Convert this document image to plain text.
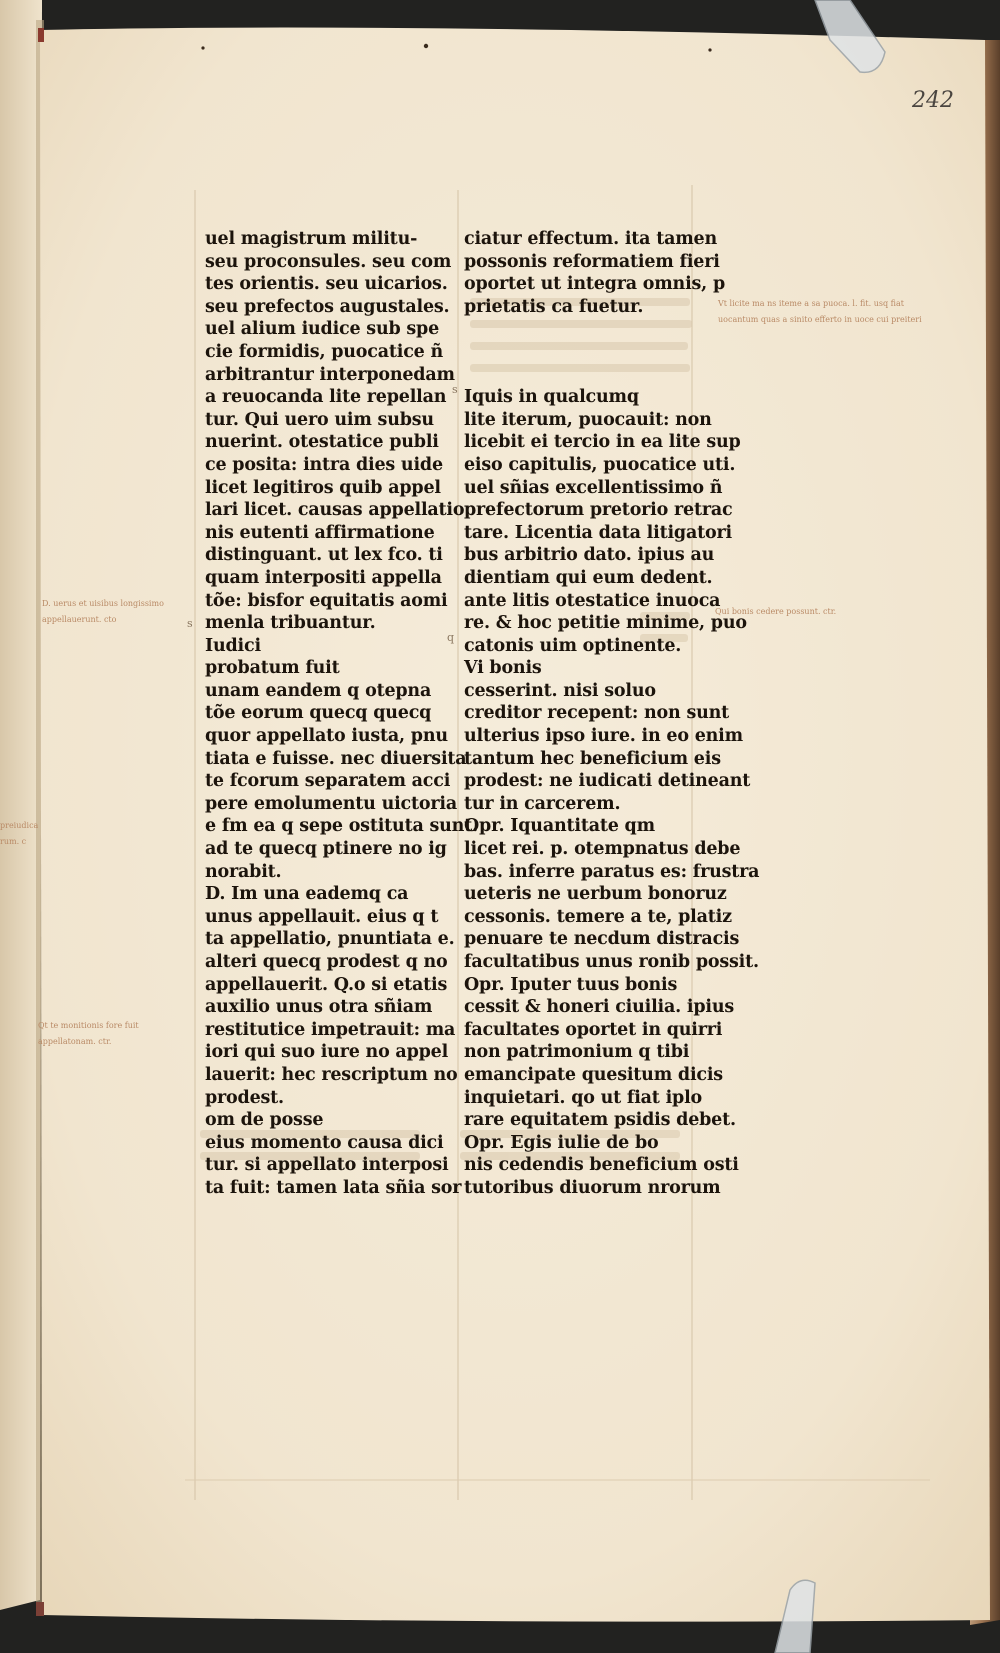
s
s
q
242
uel magistrum militu-
seu proconsules. seu com
tes orientis. seu uicarios.
seu prefectos augustales.
uel alium iudice sub spe
cie formidis, puocatice ñ
arbitrantur interponedam
a reuocanda lite repellan
tur. Qui uero uim subsu
nuerint. otestatice publi
ce posita: intra dies uide
licet legitiros quib appel
lari licet. causas appellatio
nis eutenti affirmatione
distinguant. ut lex fco. ti
quam interpositi appella
tõe: bisfor equitatis aomi
menla tribuantur.
Iudici
probatum fuit
unam eandem q otepna
tõe eorum quecq quecq
quor appellato iusta, pnu
tiata e fuisse. nec diuersita
te fcorum separatem acci
pere emolumentu uictoria
e fm ea q sepe ostituta sunt.
ad te quecq ptinere no ig
norabit.
D. Im una eademq ca
unus appellauit. eius q t
ta appellatio, pnuntiata e.
alteri quecq prodest q no
appellauerit. Q.o si etatis
auxilio unus otra sñiam
restitutice impetrauit: ma
iori qui suo iure no appel
lauerit: hec rescriptum no
prodest.
om de posse
eius momento causa dici
tur. si appellato interposi
ta fuit: tamen lata sñia sor
ciatur effectum. ita tamen
possonis reformatiem fieri
oportet ut integra omnis, p
prietatis ca fuetur.
Iquis in qualcumq
lite iterum, puocauit: non
licebit ei tercio in ea lite sup
eiso capitulis, puocatice uti.
uel sñias excellentissimo ñ
prefectorum pretorio retrac
tare. Licentia data litigatori
bus arbitrio dato. ipius au
dientiam qui eum dedent.
ante litis otestatice inuoca
re. & hoc petitie minime, puo
catonis uim optinente.
Vi bonis
cesserint. nisi soluo
creditor recepent: non sunt
ulterius ipso iure. in eo enim
tantum hec beneficium eis
prodest: ne iudicati detineant
tur in carcerem.
Opr. Iquantitate qm
licet rei. p. otempnatus debe
bas. inferre paratus es: frustra
ueteris ne uerbum bonoruz
cessonis. temere a te, platiz
penuare te necdum distracis
facultatibus unus ronib possit.
Opr. Iputer tuus bonis
cessit & honeri ciuilia. ipius
facultates oportet in quirri
non patrimonium q tibi
emancipate quesitum dicis
inquietari. qo ut fiat iplo
rare equitatem psidis debet.
Opr. Egis iulie de bo
nis cedendis beneficium osti
tutoribus diuorum nrorum
Vt licite ma ns iteme a sa puoca. l. fit. usq fiat
uocantum quas a sinito efferto in uoce cui preiteri
Qui bonis cedere possunt. ctr.
D. uerus et uisibus longissimo
appellauerunt. cto
preiudica
rum. c
Qt te monitionis fore fuit
appellatonam. ctr.
